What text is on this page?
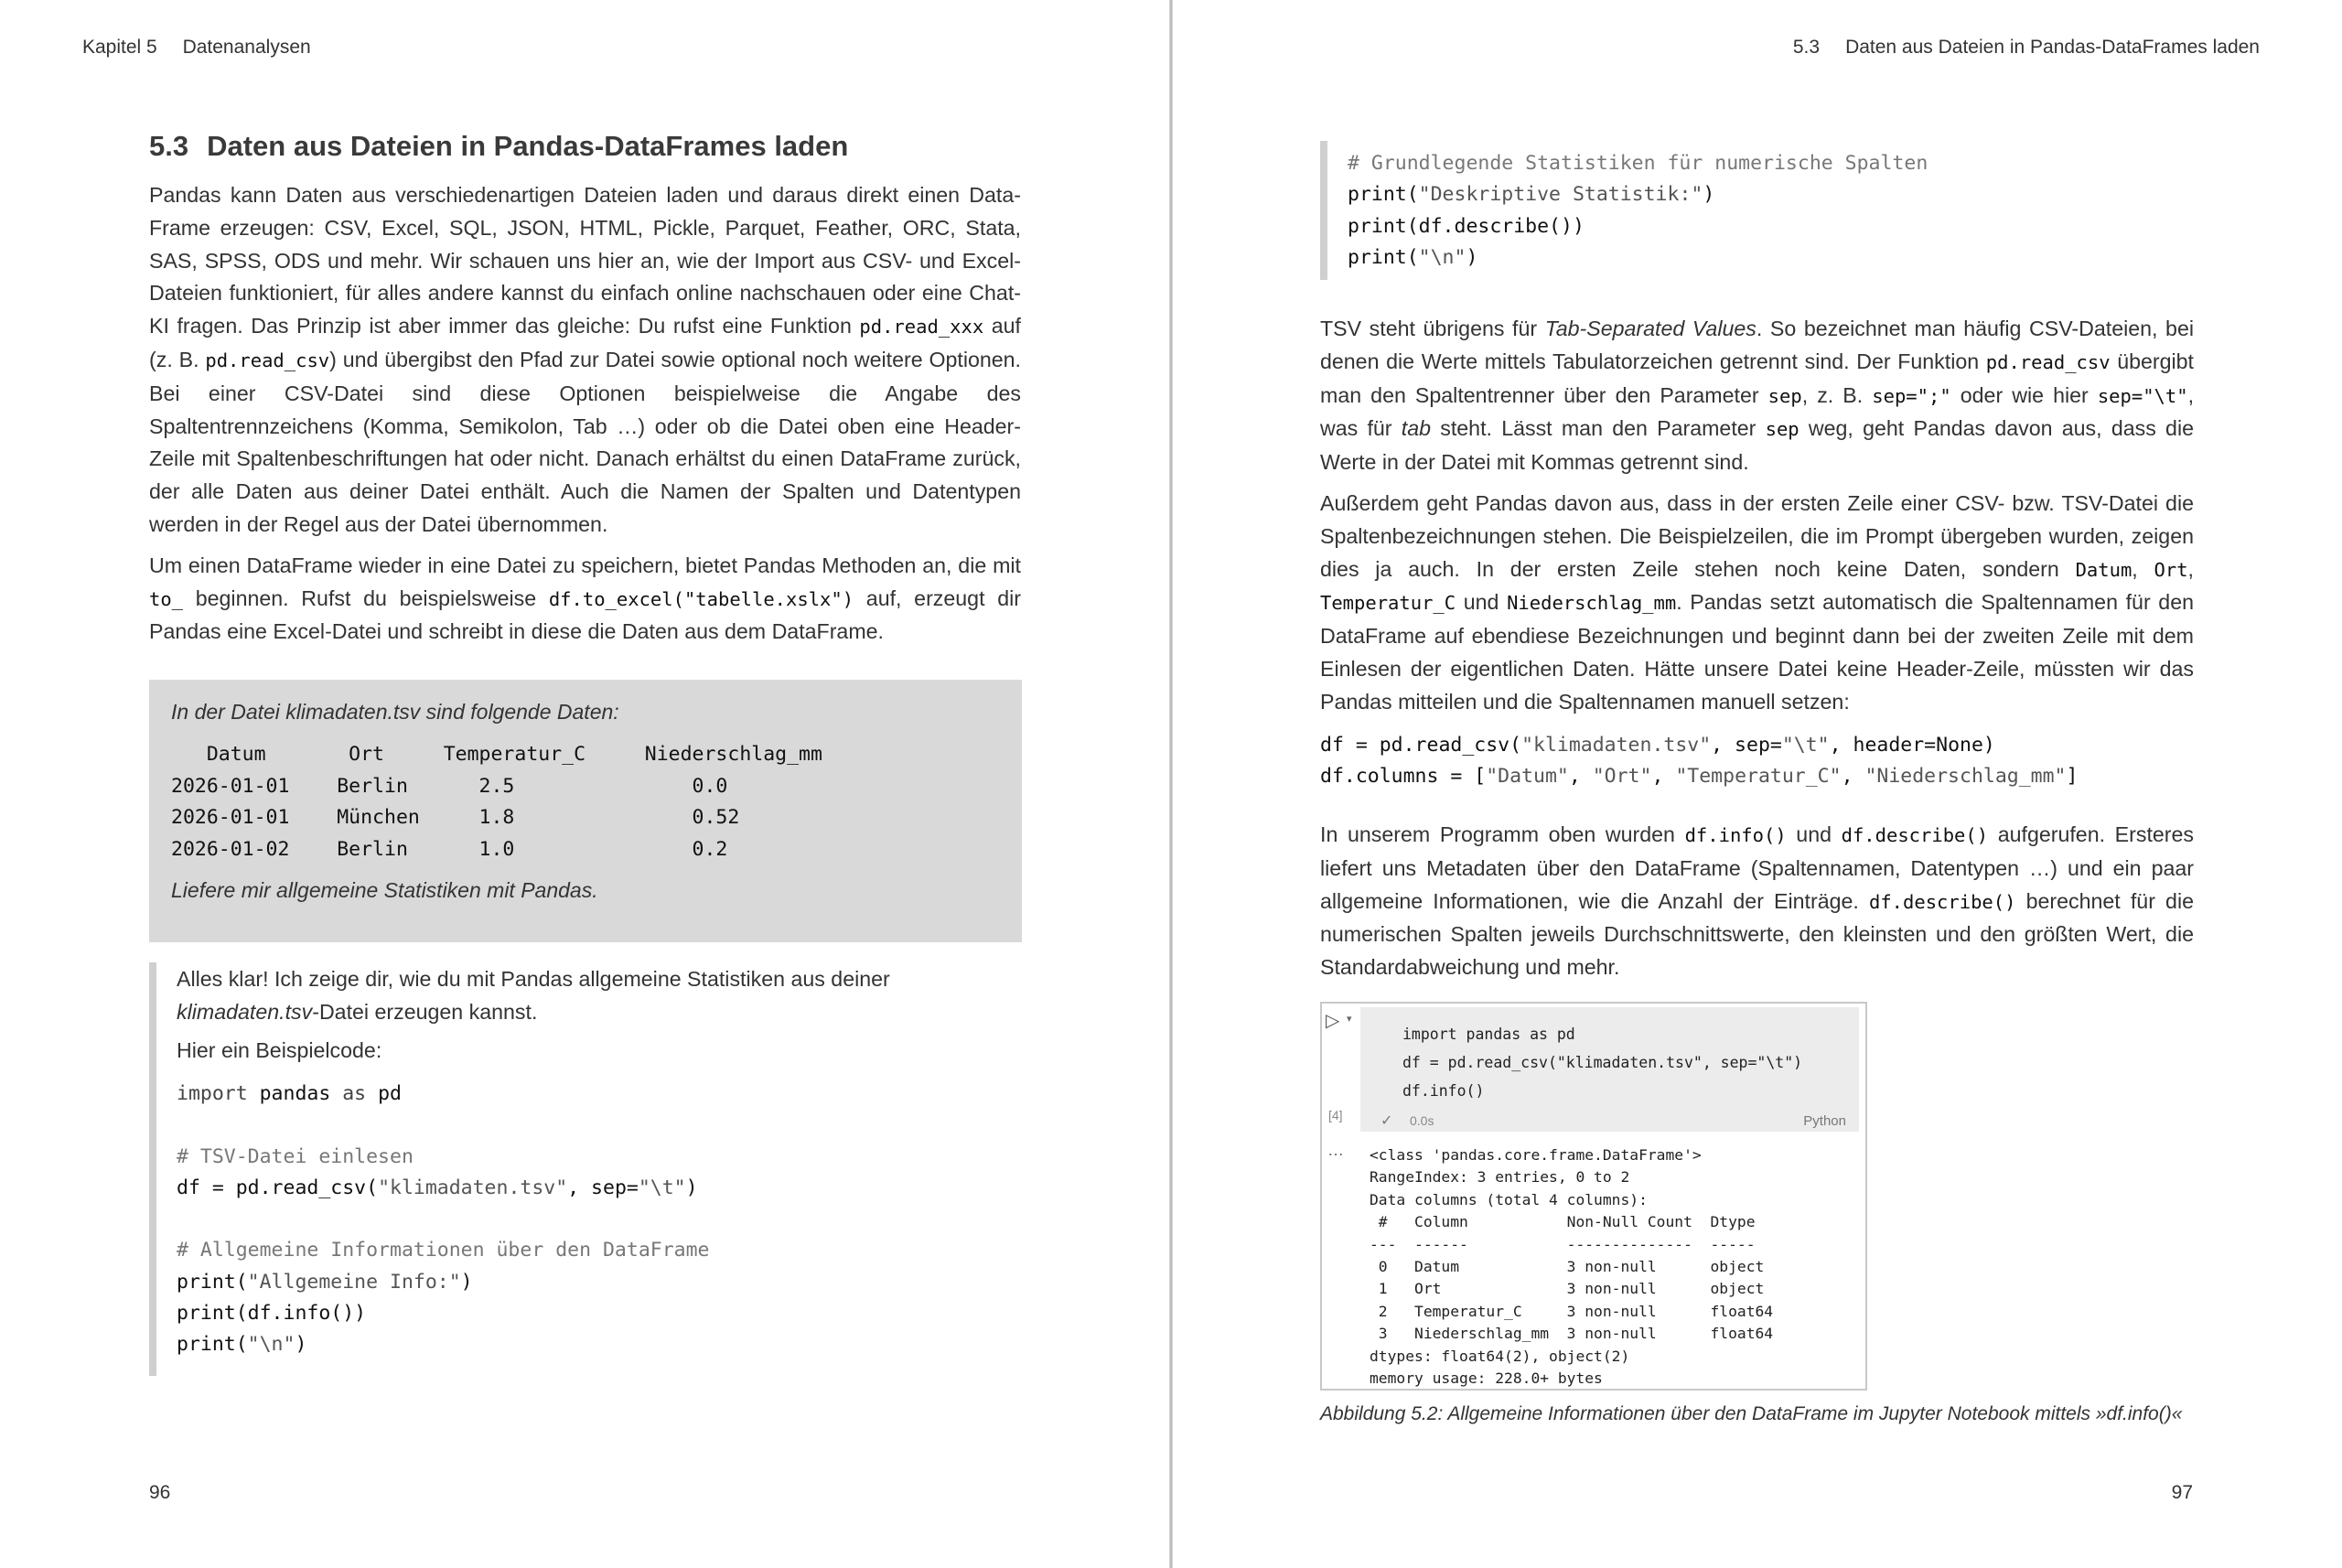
Kapitel 5 Datenanalysen
5.3 Daten aus Dateien in Pandas-DataFrames laden

Pandas kann Daten aus verschiedenartigen Dateien laden und daraus direkt einen Data-Frame erzeugen: CSV, Excel, SQL, JSON, HTML, Pickle, Parquet, Feather, ORC, Stata, SAS, SPSS, ODS und mehr. Wir schauen uns hier an, wie der Import aus CSV- und Excel-Dateien funktioniert, für alles andere kannst du einfach online nachschauen oder eine Chat-KI fragen. Das Prinzip ist aber immer das gleiche: Du rufst eine Funktion pd.read_xxx auf (z. B. pd.read_csv) und übergibst den Pfad zur Datei sowie optional noch weitere Optionen. Bei einer CSV-Datei sind diese Optionen beispielweise die Angabe des Spaltentrennzeichens (Komma, Semikolon, Tab …) oder ob die Datei oben eine Header-Zeile mit Spaltenbeschriftungen hat oder nicht. Danach erhältst du einen DataFrame zurück, der alle Daten aus deiner Datei enthält. Auch die Namen der Spalten und Datentypen werden in der Regel aus der Datei übernommen.

Um einen DataFrame wieder in eine Datei zu speichern, bietet Pandas Methoden an, die mit to_ beginnen. Rufst du beispielsweise df.to_excel("tabelle.xslx") auf, erzeugt dir Pandas eine Excel-Datei und schreibt in diese die Daten aus dem DataFrame.

In der Datei klimadaten.tsv sind folgende Daten:
Datum       Ort     Temperatur_C     Niederschlag_mm
2026-01-01    Berlin      2.5               0.0
2026-01-01    München     1.8               0.52
2026-01-02    Berlin      1.0               0.2
Liefere mir allgemeine Statistiken mit Pandas.

Alles klar! Ich zeige dir, wie du mit Pandas allgemeine Statistiken aus deiner klimadaten.tsv-Datei erzeugen kannst.

Hier ein Beispielcode:

import pandas as pd

# TSV-Datei einlesen
df = pd.read_csv("klimadaten.tsv", sep="\t")

# Allgemeine Informationen über den DataFrame
print("Allgemeine Info:")
print(df.info())
print("\n")
96
5.3 Daten aus Dateien in Pandas-DataFrames laden
# Grundlegende Statistiken für numerische Spalten
print("Deskriptive Statistik:")
print(df.describe())
print("\n")

TSV steht übrigens für Tab-Separated Values. So bezeichnet man häufig CSV-Dateien, bei denen die Werte mittels Tabulatorzeichen getrennt sind. Der Funktion pd.read_csv übergibt man den Spaltentrenner über den Parameter sep, z. B. sep=";" oder wie hier sep="\t", was für tab steht. Lässt man den Parameter sep weg, geht Pandas davon aus, dass die Werte in der Datei mit Kommas getrennt sind.

Außerdem geht Pandas davon aus, dass in der ersten Zeile einer CSV- bzw. TSV-Datei die Spaltenbezeichnungen stehen. Die Beispielzeilen, die im Prompt übergeben wurden, zeigen dies ja auch. In der ersten Zeile stehen noch keine Daten, sondern Datum, Ort, Temperatur_C und Niederschlag_mm. Pandas setzt automatisch die Spaltennamen für den DataFrame auf ebendiese Bezeichnungen und beginnt dann bei der zweiten Zeile mit dem Einlesen der eigentlichen Daten. Hätte unsere Datei keine Header-Zeile, müssten wir das Pandas mitteilen und die Spaltennamen manuell setzen:

df = pd.read_csv("klimadaten.tsv", sep="\t", header=None)
df.columns = ["Datum", "Ort", "Temperatur_C", "Niederschlag_mm"]

In unserem Programm oben wurden df.info() und df.describe() aufgerufen. Ersteres liefert uns Metadaten über den DataFrame (Spaltennamen, Datentypen …) und ein paar allgemeine Informationen, wie die Anzahl der Einträge. df.describe() berechnet für die numerischen Spalten jeweils Durchschnittswerte, den kleinsten und den größten Wert, die Standardabweichung und mehr.

▷ ▾
import pandas as pd
df = pd.read_csv("klimadaten.tsv", sep="\t")
df.info()
✓ 0.0s	Python
[4]
… <class 'pandas.core.frame.DataFrame'>
RangeIndex: 3 entries, 0 to 2
Data columns (total 4 columns):
#   Column           Non-Null Count  Dtype
---  ------           --------------  -----
0   Datum            3 non-null      object
1   Ort              3 non-null      object
2   Temperatur_C     3 non-null      float64
3   Niederschlag_mm  3 non-null      float64
dtypes: float64(2), object(2)
memory usage: 228.0+ bytes
Abbildung 5.2: Allgemeine Informationen über den DataFrame im Jupyter Notebook mittels »df.info()«
97
